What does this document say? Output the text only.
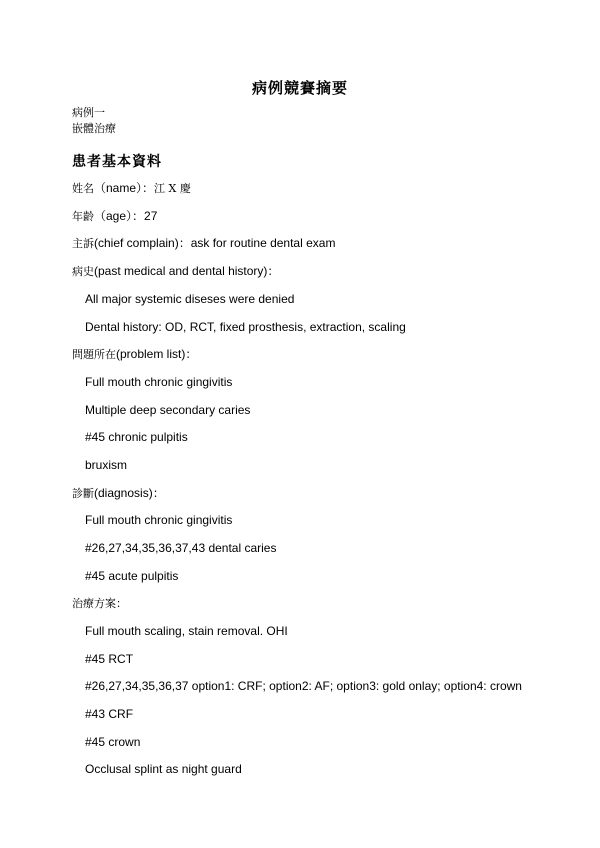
病例競賽摘要
病例一
嵌體治療
患者基本資料
姓名（name）：江 X 慶
年齡（age）：27
主訴(chief complain)：ask for routine dental exam
病史(past medical and dental history)：
All major systemic diseses were denied
Dental history: OD, RCT, fixed prosthesis, extraction, scaling
問題所在(problem list)：
Full mouth chronic gingivitis
Multiple deep secondary caries
#45 chronic pulpitis
bruxism
診斷(diagnosis)：
Full mouth chronic gingivitis
#26,27,34,35,36,37,43 dental caries
#45 acute pulpitis
治療方案：
Full mouth scaling, stain removal. OHI
#45 RCT
#26,27,34,35,36,37 option1: CRF; option2: AF; option3: gold onlay; option4: crown
#43 CRF
#45 crown
Occlusal splint as night guard
